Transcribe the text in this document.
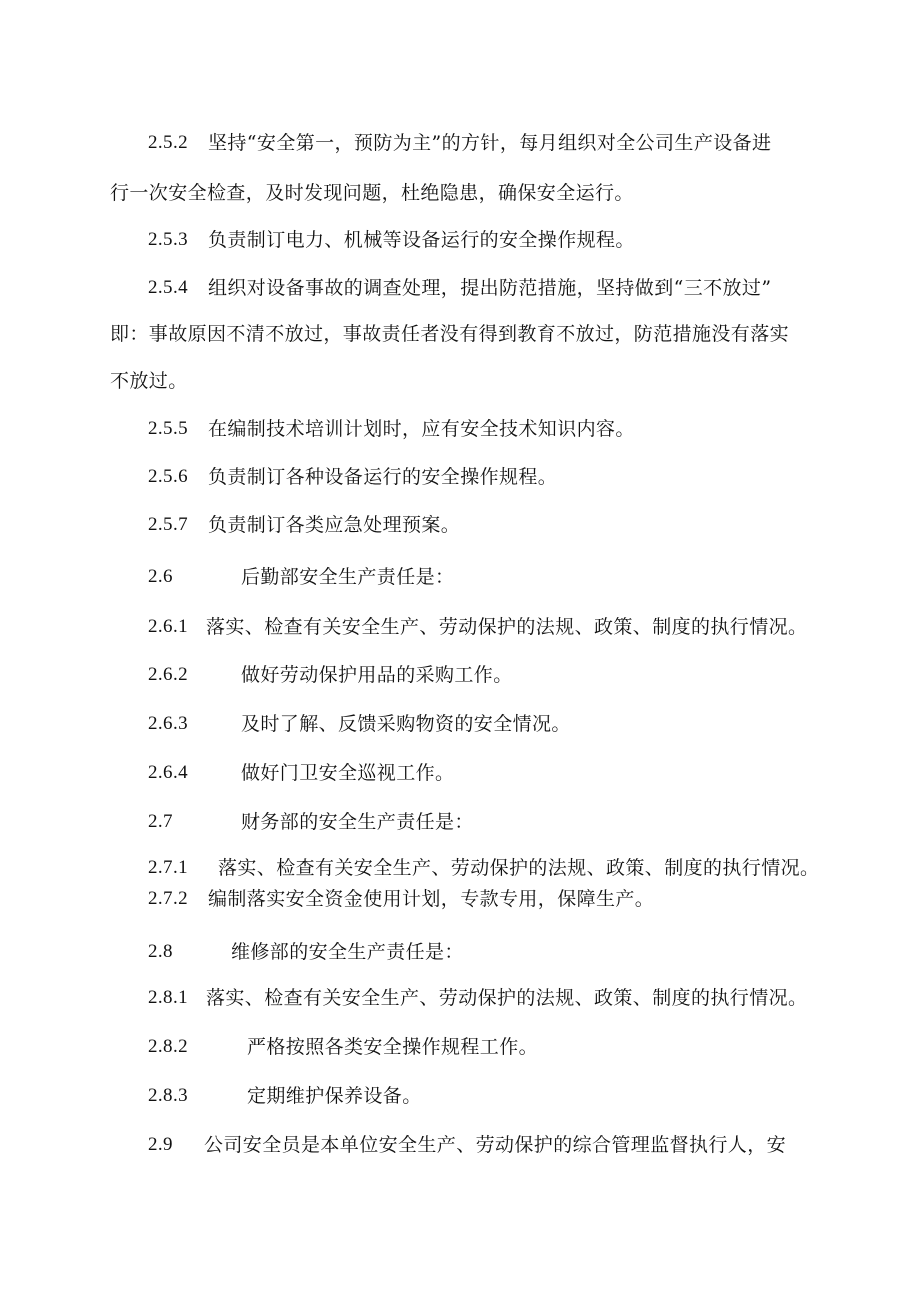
2.5.2 坚持“安全第一，预防为主”的方针，每月组织对全公司生产设备进
行一次安全检查，及时发现问题，杜绝隐患，确保安全运行。
2.5.3 负责制订电力、机械等设备运行的安全操作规程。
2.5.4 组织对设备事故的调查处理，提出防范措施，坚持做到“三不放过”
即：事故原因不清不放过，事故责任者没有得到教育不放过，防范措施没有落实
不放过。
2.5.5 在编制技术培训计划时，应有安全技术知识内容。
2.5.6 负责制订各种设备运行的安全操作规程。
2.5.7 负责制订各类应急处理预案。
2.6	后勤部安全生产责任是：
2.6.1 落实、检查有关安全生产、劳动保护的法规、政策、制度的执行情况。
2.6.2	做好劳动保护用品的采购工作。
2.6.3	及时了解、反馈采购物资的安全情况。
2.6.4	做好门卫安全巡视工作。
2.7	财务部的安全生产责任是：
2.7.1 落实、检查有关安全生产、劳动保护的法规、政策、制度的执行情况。
2.7.2 编制落实安全资金使用计划，专款专用，保障生产。
2.8	维修部的安全生产责任是：
2.8.1 落实、检查有关安全生产、劳动保护的法规、政策、制度的执行情况。
2.8.2	严格按照各类安全操作规程工作。
2.8.3	定期维护保养设备。
2.9 公司安全员是本单位安全生产、劳动保护的综合管理监督执行人，安
